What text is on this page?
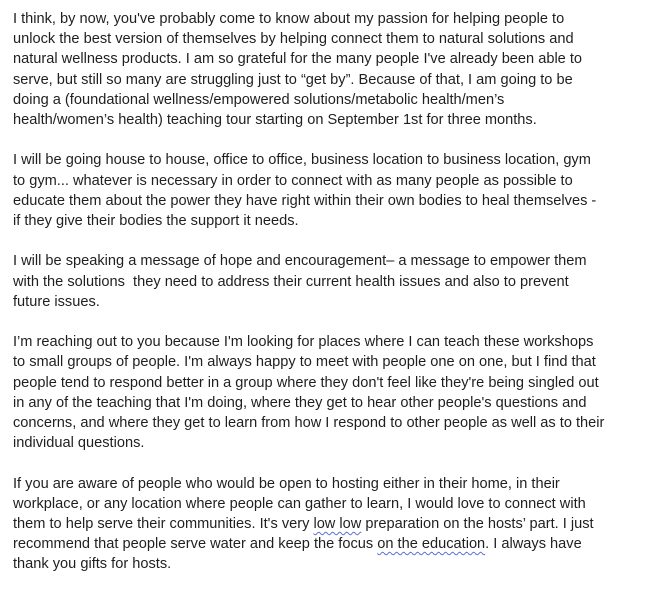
I think, by now, you've probably come to know about my passion for helping people to
unlock the best version of themselves by helping connect them to natural solutions and
natural wellness products. I am so grateful for the many people I've already been able to
serve, but still so many are struggling just to “get by”. Because of that, I am going to be
doing a (foundational wellness/empowered solutions/metabolic health/men’s
health/women’s health) teaching tour starting on September 1st for three months.

I will be going house to house, office to office, business location to business location, gym
to gym... whatever is necessary in order to connect with as many people as possible to
educate them about the power they have right within their own bodies to heal themselves -
if they give their bodies the support it needs.

I will be speaking a message of hope and encouragement– a message to empower them
with the solutions  they need to address their current health issues and also to prevent
future issues.

I’m reaching out to you because I'm looking for places where I can teach these workshops
to small groups of people. I'm always happy to meet with people one on one, but I find that
people tend to respond better in a group where they don't feel like they're being singled out
in any of the teaching that I'm doing, where they get to hear other people's questions and
concerns, and where they get to learn from how I respond to other people as well as to their
individual questions.

If you are aware of people who would be open to hosting either in their home, in their
workplace, or any location where people can gather to learn, I would love to connect with
them to help serve their communities. It's very low low preparation on the hosts’ part. I just
recommend that people serve water and keep the focus on the education. I always have
thank you gifts for hosts.
